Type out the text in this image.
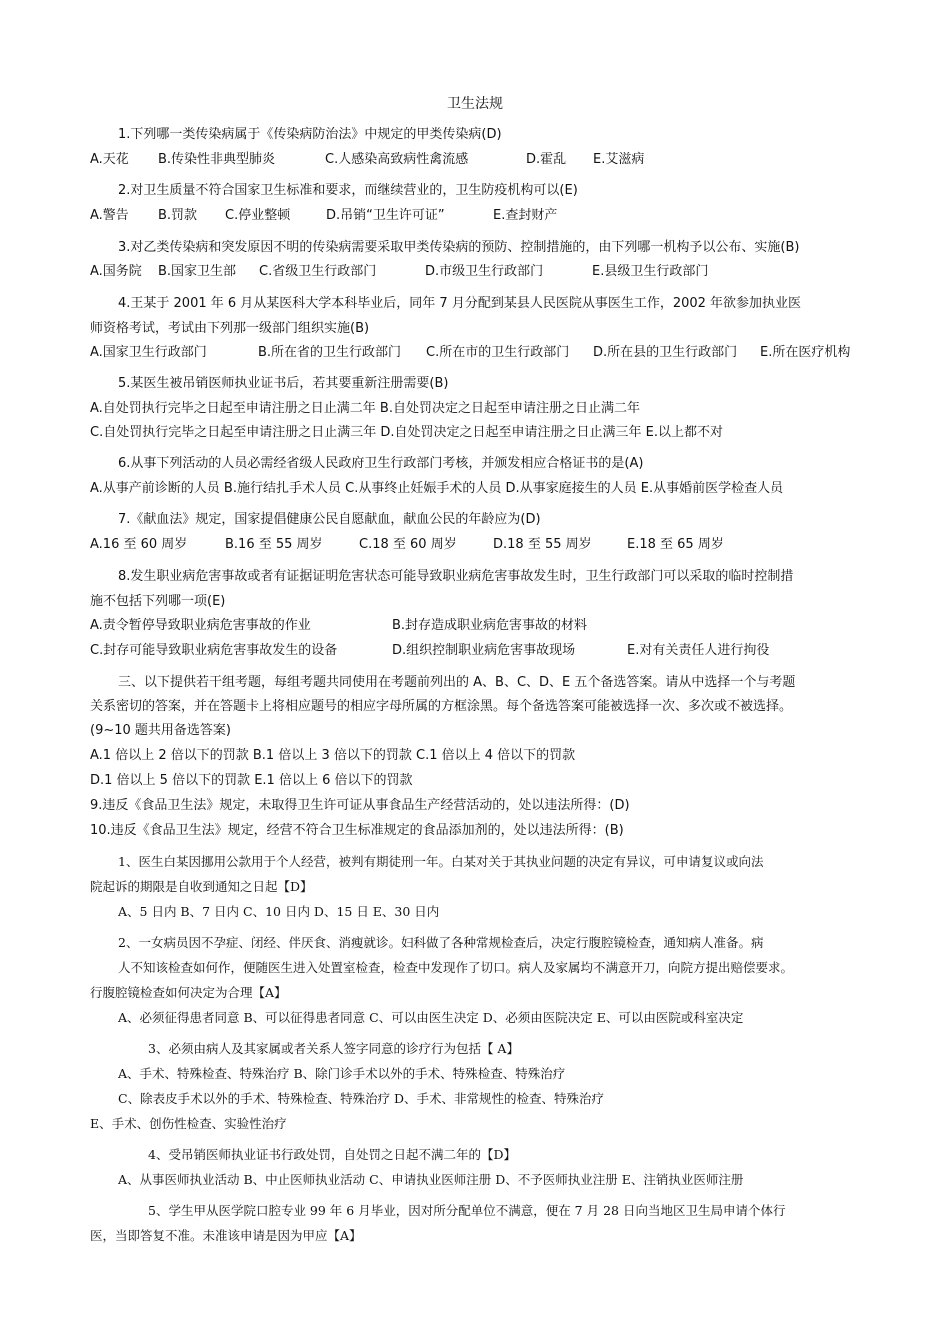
卫生法规
1.下列哪一类传染病属于《传染病防治法》中规定的甲类传染病(D)
A.天花 B.传染性非典型肺炎	C.人感染高致病性禽流感	D.霍乱 E.艾滋病
2.对卫生质量不符合国家卫生标准和要求，而继续营业的，卫生防疫机构可以(E)
A.警告 B.罚款 C.停业整顿	D.吊销“卫生许可证”	E.查封财产
3.对乙类传染病和突发原因不明的传染病需要采取甲类传染病的预防、控制措施的，由下列哪一机构予以公布、实施(B)
A.国务院 B.国家卫生部 C.省级卫生行政部门	D.市级卫生行政部门	E.县级卫生行政部门
4.王某于 2001 年 6 月从某医科大学本科毕业后，同年 7 月分配到某县人民医院从事医生工作，2002 年欲参加执业医
师资格考试，考试由下列那一级部门组织实施(B)
A.国家卫生行政部门	B.所在省的卫生行政部门 C.所在市的卫生行政部门 D.所在县的卫生行政部门 E.所在医疗机构
5.某医生被吊销医师执业证书后，若其要重新注册需要(B)
A.自处罚执行完毕之日起至申请注册之日止满二年 B.自处罚决定之日起至申请注册之日止满二年
C.自处罚执行完毕之日起至申请注册之日止满三年 D.自处罚决定之日起至申请注册之日止满三年 E.以上都不对
6.从事下列活动的人员必需经省级人民政府卫生行政部门考核，并颁发相应合格证书的是(A)
A.从事产前诊断的人员 B.施行结扎手术人员 C.从事终止妊娠手术的人员 D.从事家庭接生的人员 E.从事婚前医学检查人员
7.《献血法》规定，国家提倡健康公民自愿献血，献血公民的年龄应为(D)
A.16 至 60 周岁	B.16 至 55 周岁	C.18 至 60 周岁	D.18 至 55 周岁	E.18 至 65 周岁
8.发生职业病危害事故或者有证据证明危害状态可能导致职业病危害事故发生时，卫生行政部门可以采取的临时控制措
施不包括下列哪一项(E)
A.责令暂停导致职业病危害事故的作业	B.封存造成职业病危害事故的材料
C.封存可能导致职业病危害事故发生的设备	D.组织控制职业病危害事故现场	E.对有关责任人进行拘役
三、以下提供若干组考题，每组考题共同使用在考题前列出的 A、B、C、D、E 五个备选答案。请从中选择一个与考题
关系密切的答案，并在答题卡上将相应题号的相应字母所属的方框涂黑。每个备选答案可能被选择一次、多次或不被选择。
(9~10 题共用备选答案)
A.1 倍以上 2 倍以下的罚款 B.1 倍以上 3 倍以下的罚款 C.1 倍以上 4 倍以下的罚款
D.1 倍以上 5 倍以下的罚款 E.1 倍以上 6 倍以下的罚款
9.违反《食品卫生法》规定，未取得卫生许可证从事食品生产经营活动的，处以违法所得：(D)
10.违反《食品卫生法》规定，经营不符合卫生标准规定的食品添加剂的，处以违法所得：(B)
1、医生白某因挪用公款用于个人经营，被判有期徒刑一年。白某对关于其执业问题的决定有异议，可申请复议或向法
院起诉的期限是自收到通知之日起【D】
A、5 日内 B、7 日内 C、10 日内 D、15 日 E、30 日内
2、一女病员因不孕症、闭经、伴厌食、消瘦就诊。妇科做了各种常规检查后，决定行腹腔镜检查，通知病人准备。病
人不知该检查如何作，便随医生进入处置室检查，检查中发现作了切口。病人及家属均不满意开刀，向院方提出赔偿要求。
行腹腔镜检查如何决定为合理【A】
A、必须征得患者同意 B、可以征得患者同意 C、可以由医生决定 D、必须由医院决定 E、可以由医院或科室决定
3、必须由病人及其家属或者关系人签字同意的诊疗行为包括【 A】
A、手术、特殊检查、特殊治疗 B、除门诊手术以外的手术、特殊检查、特殊治疗
C、除表皮手术以外的手术、特殊检查、特殊治疗 D、手术、非常规性的检查、特殊治疗
E、手术、创伤性检查、实验性治疗
4、受吊销医师执业证书行政处罚，自处罚之日起不满二年的【D】
A、从事医师执业活动 B、中止医师执业活动 C、申请执业医师注册 D、不予医师执业注册 E、注销执业医师注册
5、学生甲从医学院口腔专业 99 年 6 月毕业，因对所分配单位不满意，便在 7 月 28 日向当地区卫生局申请个体行
医，当即答复不准。未准该申请是因为甲应【A】
